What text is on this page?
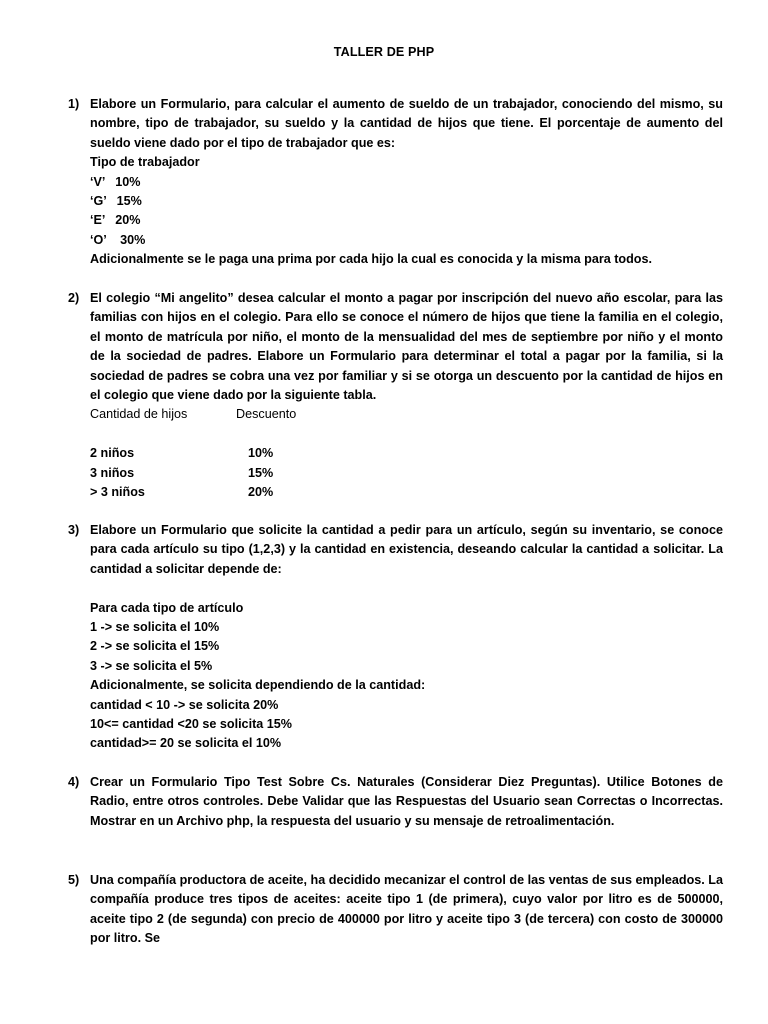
TALLER DE PHP
1) Elabore un Formulario, para calcular el aumento de sueldo de un trabajador, conociendo del mismo, su nombre, tipo de trabajador, su sueldo y la cantidad de hijos que tiene. El porcentaje de aumento del sueldo viene dado por el tipo de trabajador que es:

Tipo de trabajador
‘V’   10%
‘G’   15%
‘E’   20%
‘O’    30%
Adicionalmente se le paga una prima por cada hijo la cual es conocida y la misma para todos.
2) El colegio “Mi angelito” desea calcular el monto a pagar por inscripción del nuevo año escolar, para las familias con hijos en el colegio. Para ello se conoce el número de hijos que tiene la familia en el colegio, el monto de matrícula por niño, el monto de la mensualidad del mes de septiembre por niño y el monto de la sociedad de padres. Elabore un Formulario para determinar el total a pagar por la familia, si la sociedad de padres se cobra una vez por familiar y si se otorga un descuento por la cantidad de hijos en el colegio que viene dado por la siguiente tabla.

Cantidad de hijos	Descuento
2 niños	10%
3 niños	15%
> 3 niños	20%
3) Elabore un Formulario que solicite la cantidad a pedir para un artículo, según su inventario, se conoce para cada artículo su tipo (1,2,3) y la cantidad en existencia, deseando calcular la cantidad a solicitar. La cantidad a solicitar depende de:

Para cada tipo de artículo
1 -> se solicita el 10%
2 -> se solicita el 15%
3 -> se solicita el 5%
Adicionalmente, se solicita dependiendo de la cantidad:
cantidad < 10 -> se solicita 20%
10<= cantidad <20 se solicita 15%
cantidad>= 20 se solicita el 10%
4) Crear un Formulario Tipo Test Sobre Cs. Naturales (Considerar Diez Preguntas). Utilice Botones de Radio, entre otros controles. Debe Validar que las Respuestas del Usuario sean Correctas o Incorrectas. Mostrar en un Archivo php, la respuesta del usuario y su mensaje de retroalimentación.

5) Una compañía productora de aceite, ha decidido mecanizar el control de las ventas de sus empleados. La compañía produce tres tipos de aceites: aceite tipo 1 (de primera), cuyo valor por litro es de 500000, aceite tipo 2 (de segunda) con precio de 400000 por litro y aceite tipo 3 (de tercera) con costo de 300000 por litro. Se
